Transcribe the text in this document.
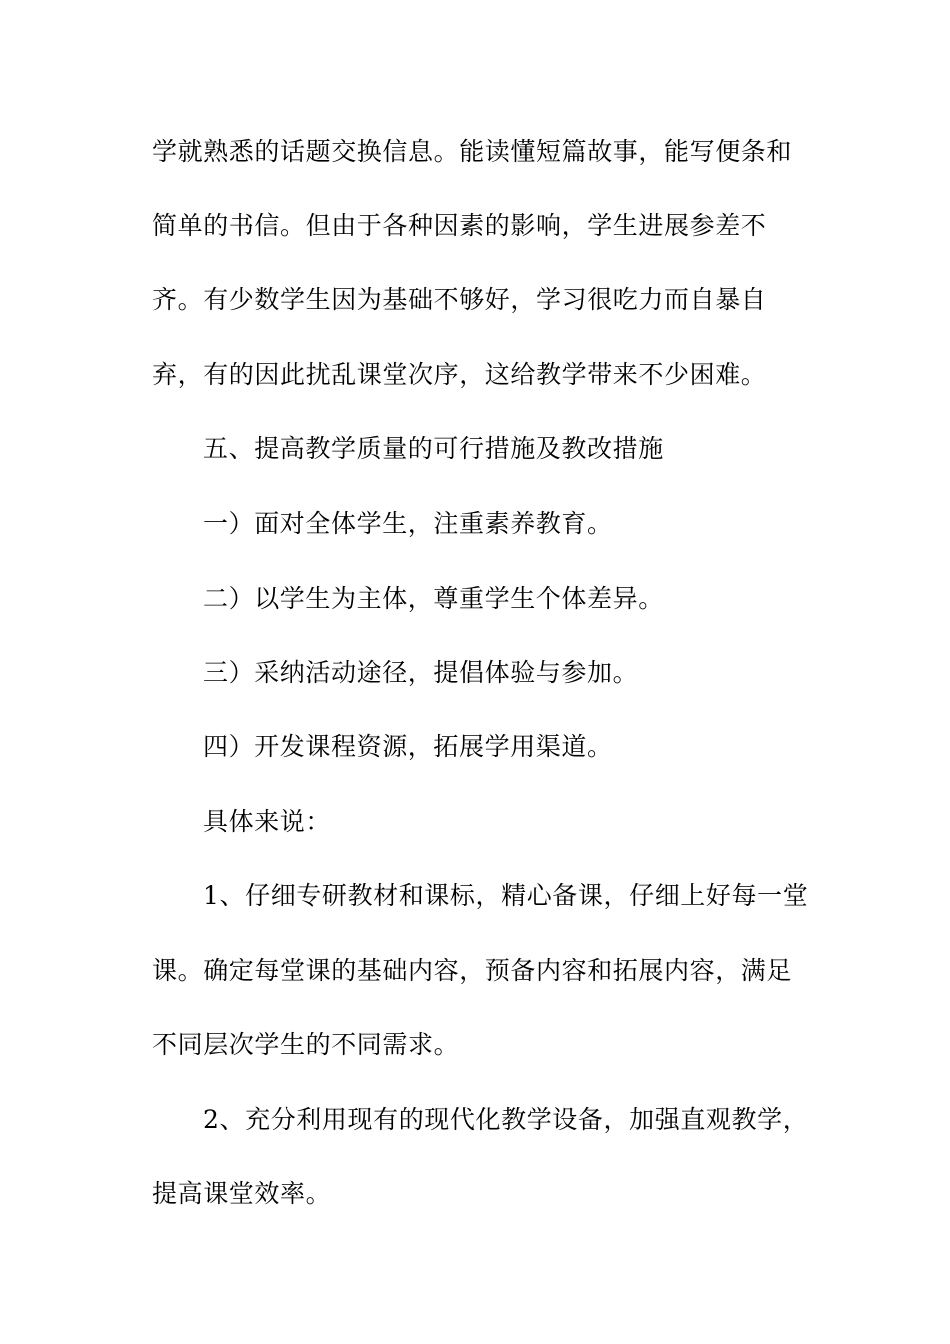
学就熟悉的话题交换信息。能读懂短篇故事，能写便条和
简单的书信。但由于各种因素的影响，学生进展参差不
齐。有少数学生因为基础不够好，学习很吃力而自暴自
弃，有的因此扰乱课堂次序，这给教学带来不少困难。
五、提高教学质量的可行措施及教改措施
一）面对全体学生，注重素养教育。
二）以学生为主体，尊重学生个体差异。
三）采纳活动途径，提倡体验与参加。
四）开发课程资源，拓展学用渠道。
具体来说：
1、仔细专研教材和课标，精心备课，仔细上好每一堂
课。确定每堂课的基础内容，预备内容和拓展内容，满足
不同层次学生的不同需求。
2、充分利用现有的现代化教学设备，加强直观教学，
提高课堂效率。
